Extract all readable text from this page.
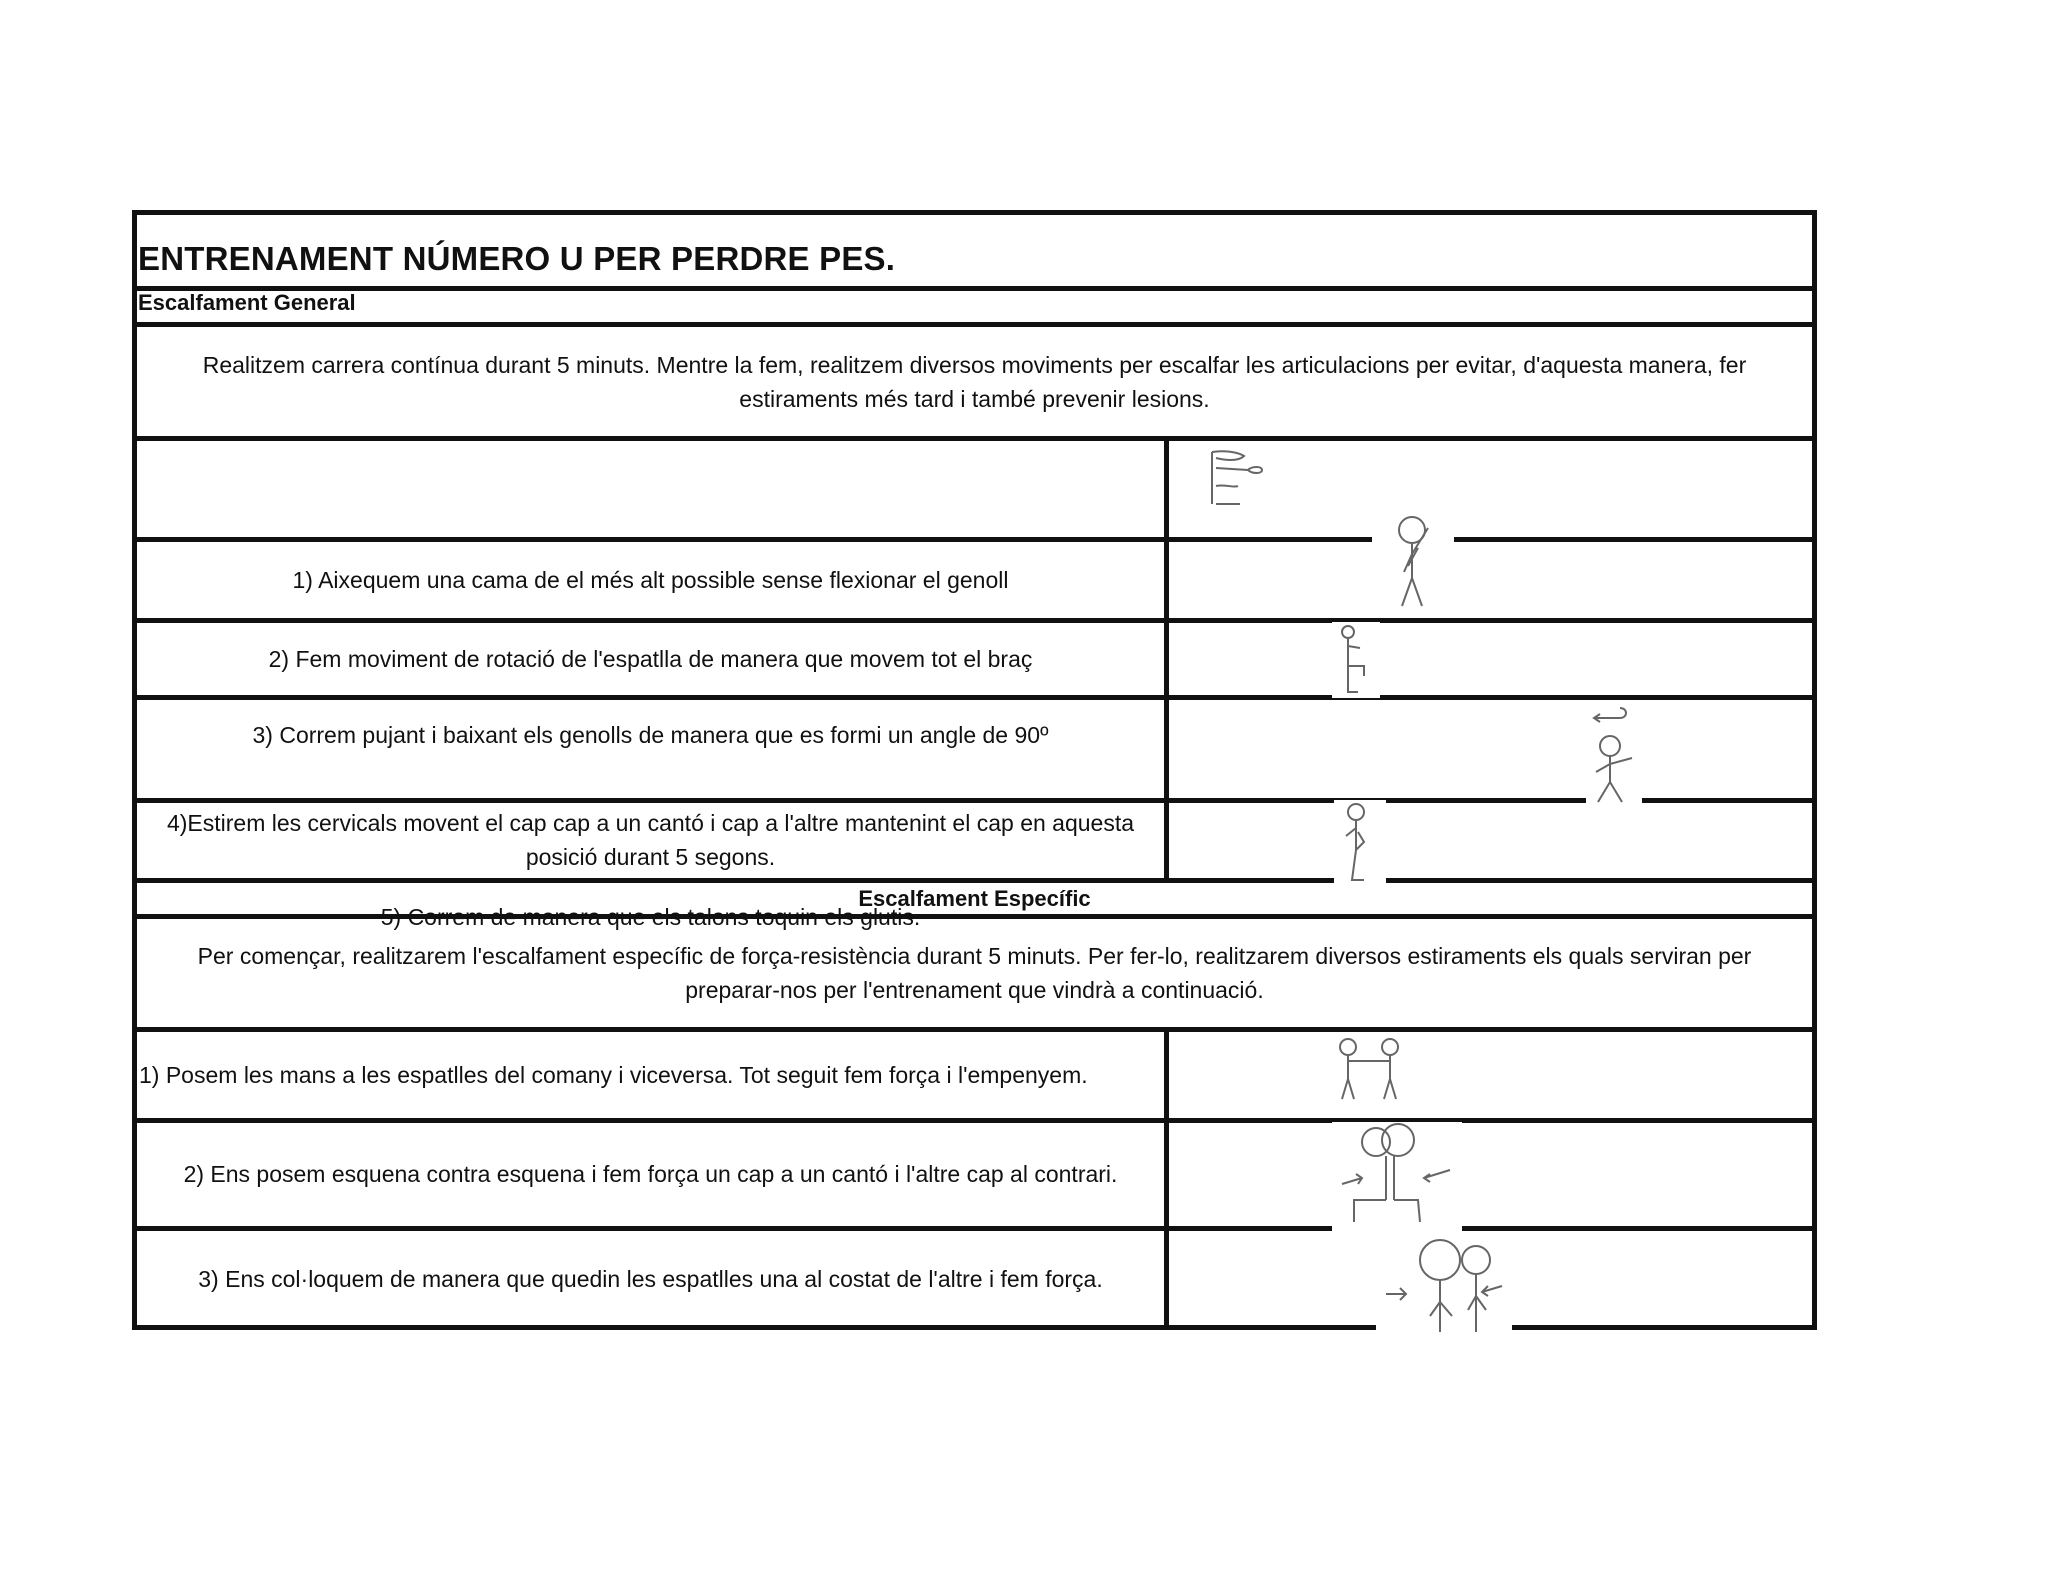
ENTRENAMENT NÚMERO U PER PERDRE PES.
Escalfament General
Realitzem carrera contínua durant 5 minuts. Mentre la fem, realitzem diversos moviments per escalfar les articulacions per evitar, d'aquesta manera, fer estiraments més tard i també prevenir lesions.
1) Aixequem una cama de el més alt possible sense flexionar el genoll
2) Fem moviment de rotació de l'espatlla de manera que movem tot el braç
3) Correm pujant i baixant els genolls de manera que es formi un angle de 90º
4)Estirem les cervicals movent el cap cap a un cantó i cap a l'altre mantenint el cap en aquesta posició durant 5 segons.
5) Correm de manera que els talons toquin els glutis.
Escalfament Específic
Per començar, realitzarem l'escalfament específic de força-resistència durant 5 minuts. Per fer-lo, realitzarem diversos estiraments els quals serviran per preparar-nos per l'entrenament que vindrà a continuació.
1) Posem les mans a les espatlles del comany i viceversa. Tot seguit fem força i l'empenyem.
2) Ens posem esquena contra esquena i fem força un cap a un cantó i l'altre cap al contrari.
3) Ens col·loquem de manera que quedin les espatlles una al costat de l'altre i fem força.
